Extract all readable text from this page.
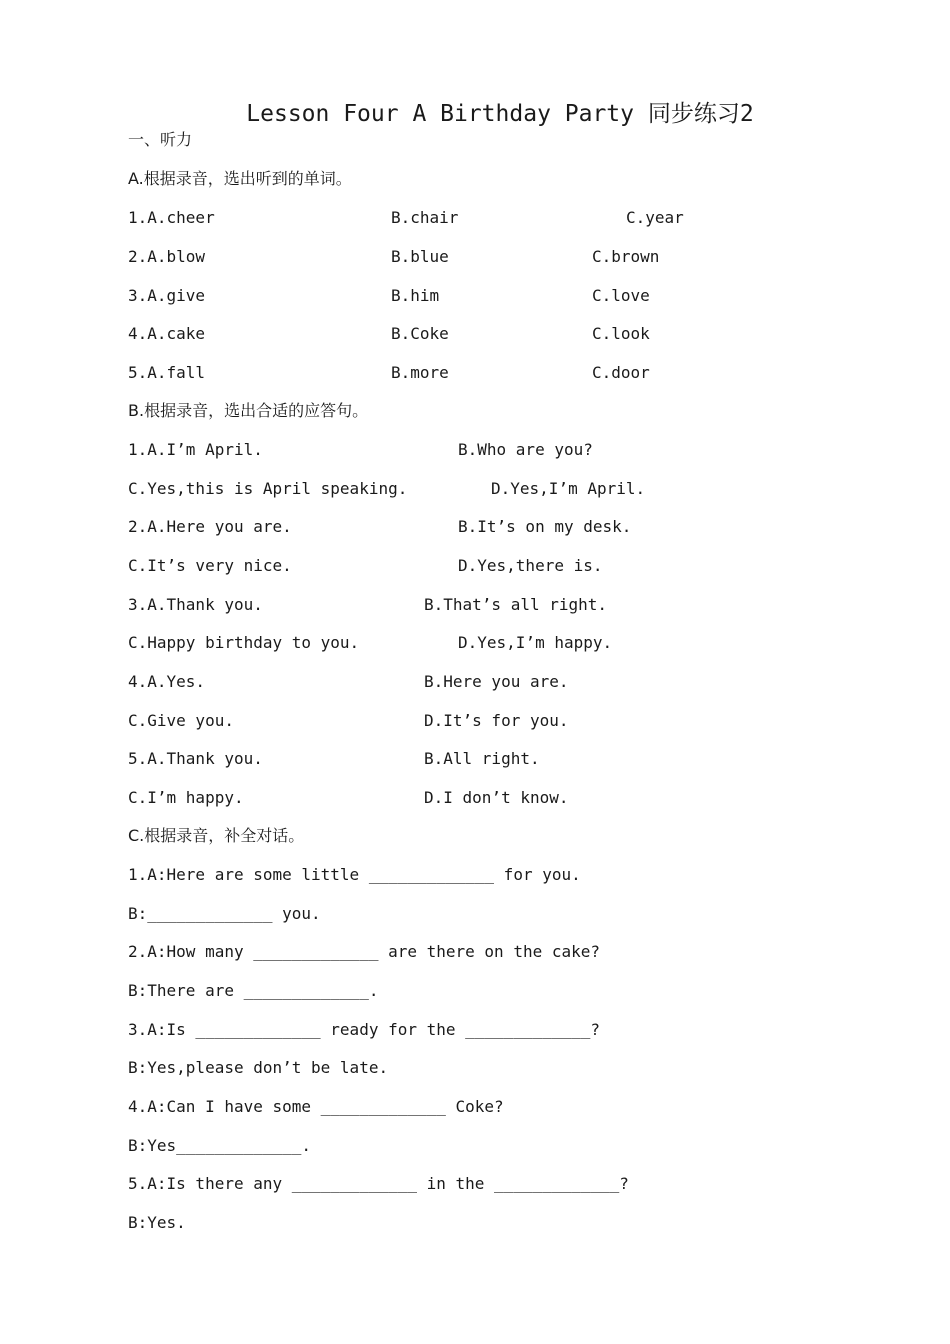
Lesson Four A Birthday Party 同步练习2
一、听力
A.根据录音，选出听到的单词。
1.A.cheer	B.chair	C.year
2.A.blow	B.blue	C.brown
3.A.give	B.him	C.love
4.A.cake	B.Coke	C.look
5.A.fall	B.more	C.door
B.根据录音，选出合适的应答句。
1.A.I’m April.	B.Who are you?
C.Yes,this is April speaking.	D.Yes,I’m April.
2.A.Here you are.	B.It’s on my desk.
C.It’s very nice.	D.Yes,there is.
3.A.Thank you.	B.That’s all right.
C.Happy birthday to you.	D.Yes,I’m happy.
4.A.Yes.	B.Here you are.
C.Give you.	D.It’s for you.
5.A.Thank you.	B.All right.
C.I’m happy.	D.I don’t know.
C.根据录音，补全对话。
1.A:Here are some little _____________ for you.
B:_____________ you.
2.A:How many _____________ are there on the cake?
B:There are _____________.
3.A:Is _____________ ready for the _____________?
B:Yes,please don’t be late.
4.A:Can I have some _____________ Coke?
B:Yes_____________.
5.A:Is there any _____________ in the _____________?
B:Yes.
